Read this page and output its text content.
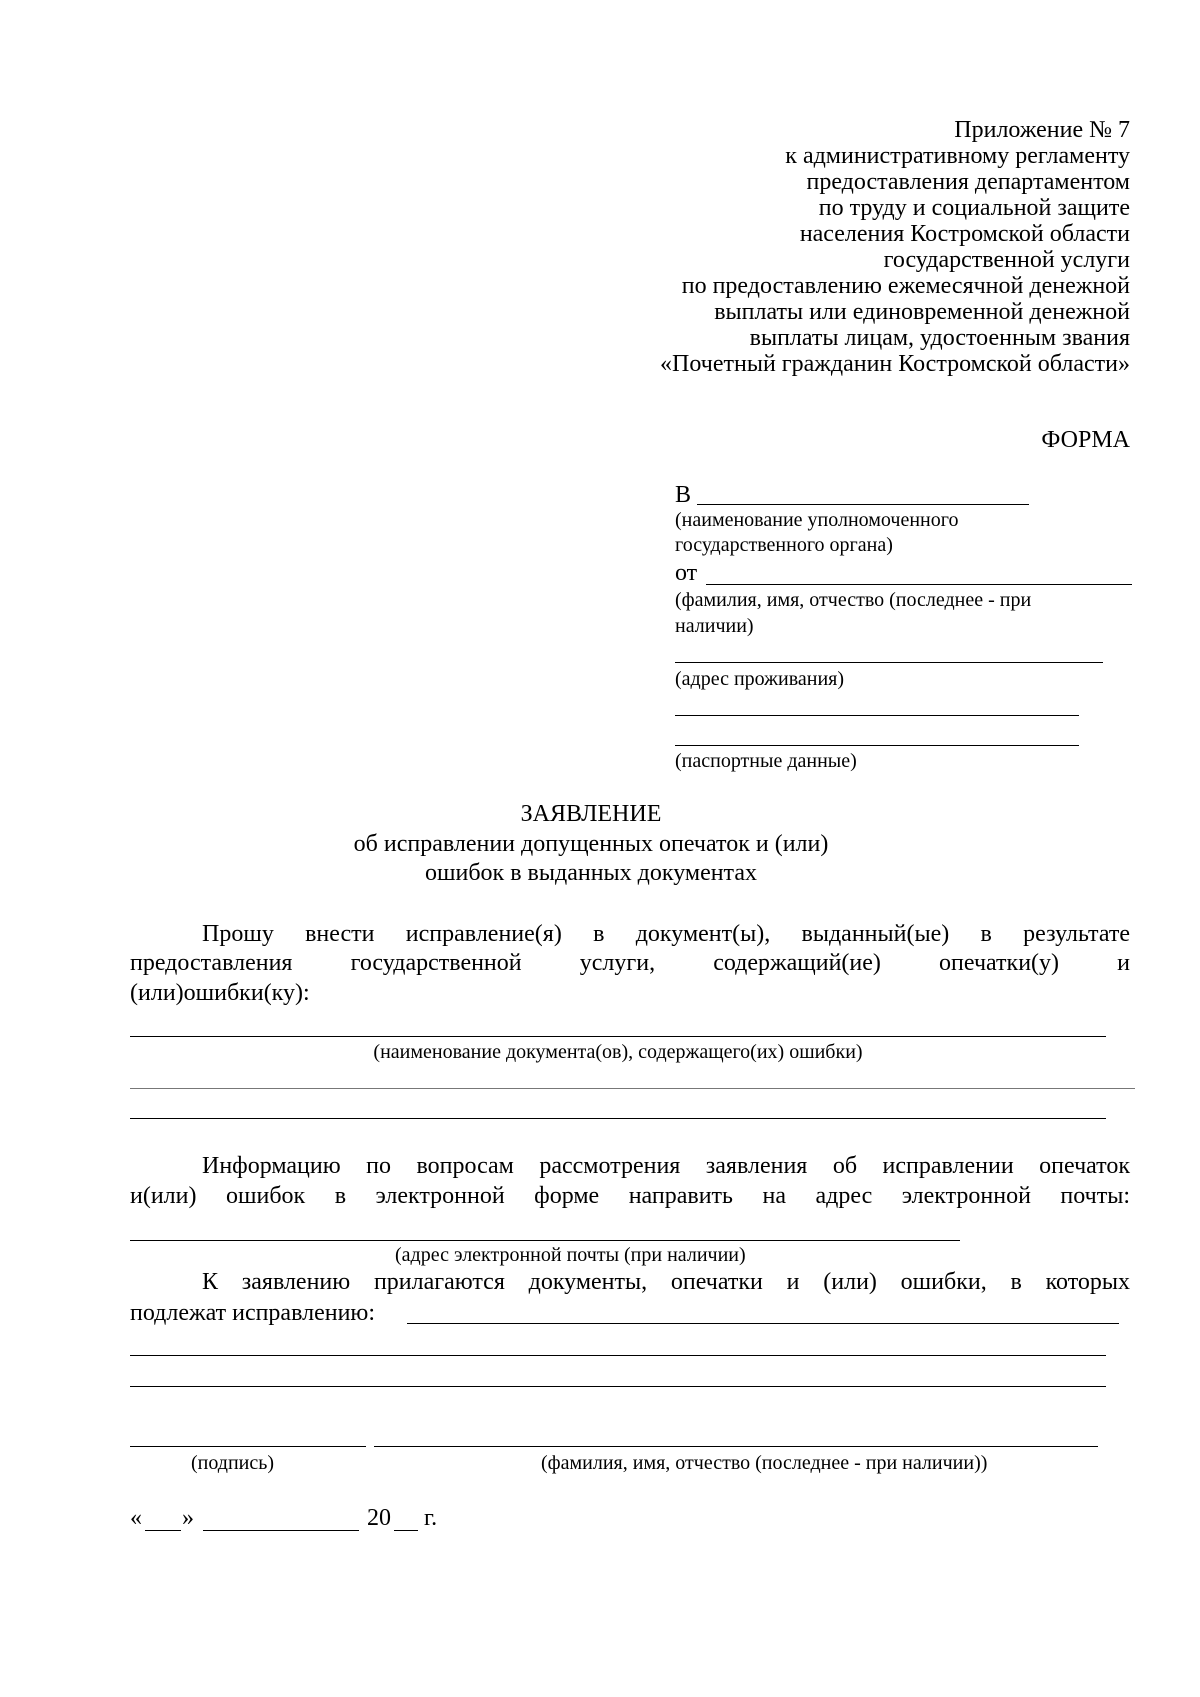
Приложение № 7
к административному регламенту
предоставления департаментом
по труду и социальной защите
населения Костромской области
государственной услуги
по предоставлению ежемесячной денежной
выплаты или единовременной денежной
выплаты лицам, удостоенным звания
«Почетный гражданин Костромской области»
ФОРМА
В
(наименование уполномоченного
государственного органа)
от
(фамилия, имя, отчество (последнее - при
наличии)
(адрес проживания)
(паспортные данные)
ЗАЯВЛЕНИЕ
об исправлении допущенных опечаток и (или)
ошибок в выданных документах
Прошу внести исправление(я) в документ(ы), выданный(ые) в результате
предоставления государственной услуги, содержащий(ие) опечатки(у) и
(или)ошибки(ку):
(наименование документа(ов), содержащего(их) ошибки)
Информацию по вопросам рассмотрения заявления об исправлении опечаток
и(или) ошибок в электронной форме направить на адрес электронной почты:
(адрес электронной почты (при наличии)
К заявлению прилагаются документы, опечатки и (или) ошибки, в которых
подлежат исправлению:
(подпись)	(фамилия, имя, отчество (последнее - при наличии))
« »	20 г.
